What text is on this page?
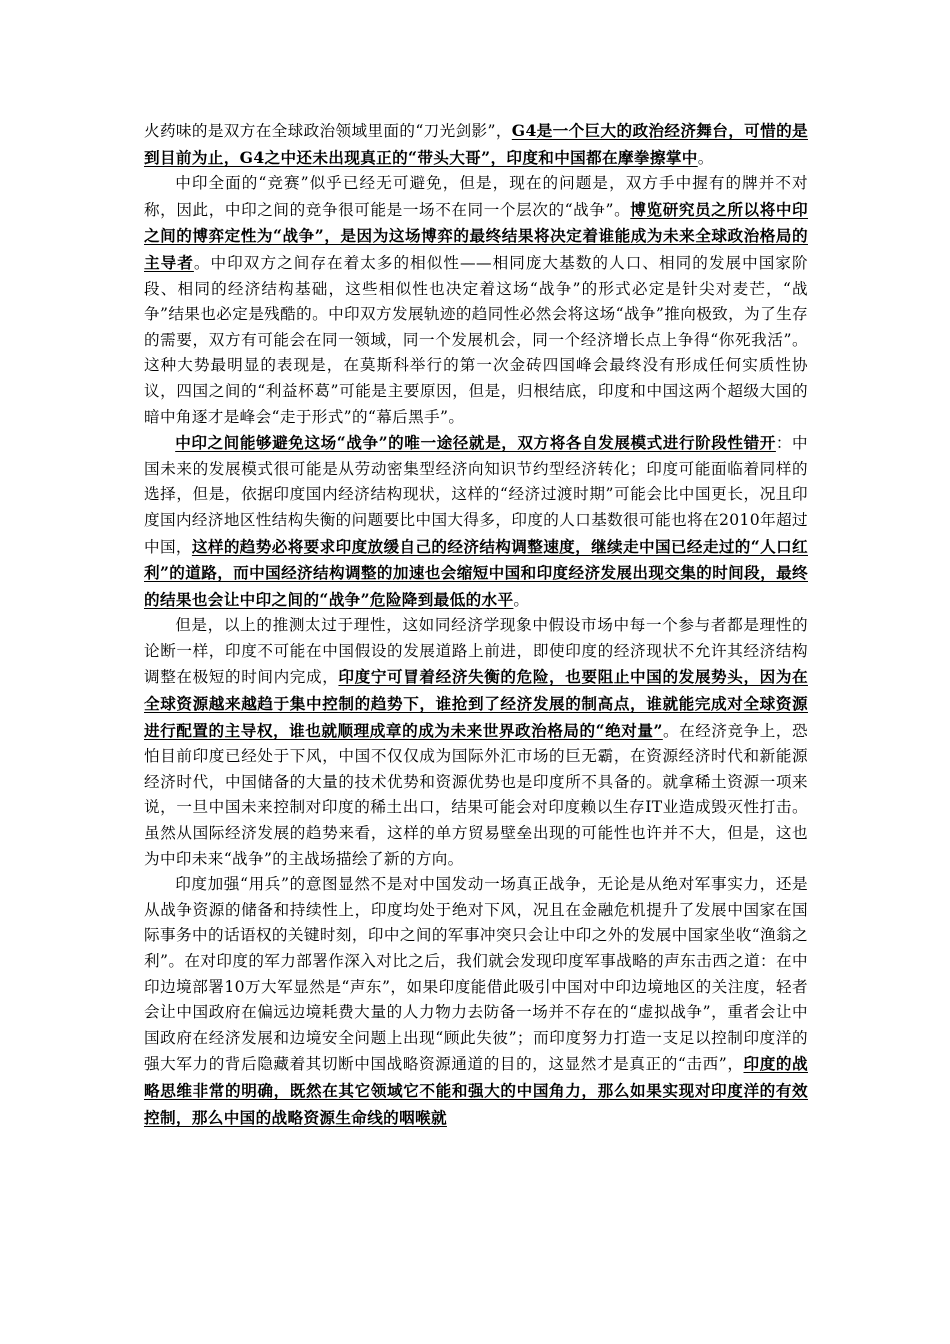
火药味的是双方在全球政治领域里面的“刀光剑影”，G4是一个巨大的政治经济舞台，可惜的是到目前为止，G4之中还未出现真正的“带头大哥”，印度和中国都在摩拳擦掌中。

中印全面的“竞赛”似乎已经无可避免，但是，现在的问题是，双方手中握有的牌并不对称，因此，中印之间的竞争很可能是一场不在同一个层次的“战争”。博览研究员之所以将中印之间的博弈定性为“战争”，是因为这场博弈的最终结果将决定着谁能成为未来全球政治格局的主导者。中印双方之间存在着太多的相似性——相同庞大基数的人口、相同的发展中国家阶段、相同的经济结构基础，这些相似性也决定着这场“战争”的形式必定是针尖对麦芒，“战争”结果也必定是残酷的。中印双方发展轨迹的趋同性必然会将这场“战争”推向极致，为了生存的需要，双方有可能会在同一领域，同一个发展机会，同一个经济增长点上争得“你死我活”。这种大势最明显的表现是，在莫斯科举行的第一次金砖四国峰会最终没有形成任何实质性协议，四国之间的“利益杯葛”可能是主要原因，但是，归根结底，印度和中国这两个超级大国的暗中角逐才是峰会“走于形式”的“幕后黑手”。

中印之间能够避免这场“战争”的唯一途径就是，双方将各自发展模式进行阶段性错开：中国未来的发展模式很可能是从劳动密集型经济向知识节约型经济转化；印度可能面临着同样的选择，但是，依据印度国内经济结构现状，这样的“经济过渡时期”可能会比中国更长，况且印度国内经济地区性结构失衡的问题要比中国大得多，印度的人口基数很可能也将在2010年超过中国，这样的趋势必将要求印度放缓自己的经济结构调整速度，继续走中国已经走过的“人口红利”的道路，而中国经济结构调整的加速也会缩短中国和印度经济发展出现交集的时间段，最终的结果也会让中印之间的“战争”危险降到最低的水平。

但是，以上的推测太过于理性，这如同经济学现象中假设市场中每一个参与者都是理性的论断一样，印度不可能在中国假设的发展道路上前进，即使印度的经济现状不允许其经济结构调整在极短的时间内完成，印度宁可冒着经济失衡的危险，也要阻止中国的发展势头，因为在全球资源越来越趋于集中控制的趋势下，谁抢到了经济发展的制高点，谁就能完成对全球资源进行配置的主导权，谁也就顺理成章的成为未来世界政治格局的“绝对量”。在经济竞争上，恐怕目前印度已经处于下风，中国不仅仅成为国际外汇市场的巨无霸，在资源经济时代和新能源经济时代，中国储备的大量的技术优势和资源优势也是印度所不具备的。就拿稀土资源一项来说，一旦中国未来控制对印度的稀土出口，结果可能会对印度赖以生存IT业造成毁灭性打击。虽然从国际经济发展的趋势来看，这样的单方贸易壁垒出现的可能性也许并不大，但是，这也为中印未来“战争”的主战场描绘了新的方向。

印度加强“用兵”的意图显然不是对中国发动一场真正战争，无论是从绝对军事实力，还是从战争资源的储备和持续性上，印度均处于绝对下风，况且在金融危机提升了发展中国家在国际事务中的话语权的关键时刻，印中之间的军事冲突只会让中印之外的发展中国家坐收“渔翁之利”。在对印度的军力部署作深入对比之后，我们就会发现印度军事战略的声东击西之道：在中印边境部署10万大军显然是“声东”，如果印度能借此吸引中国对中印边境地区的关注度，轻者会让中国政府在偏远边境耗费大量的人力物力去防备一场并不存在的“虚拟战争”，重者会让中国政府在经济发展和边境安全问题上出现“顾此失彼”；而印度努力打造一支足以控制印度洋的强大军力的背后隐藏着其切断中国战略资源通道的目的，这显然才是真正的“击西”，印度的战略思维非常的明确，既然在其它领域它不能和强大的中国角力，那么如果实现对印度洋的有效控制，那么中国的战略资源生命线的咽喉就
